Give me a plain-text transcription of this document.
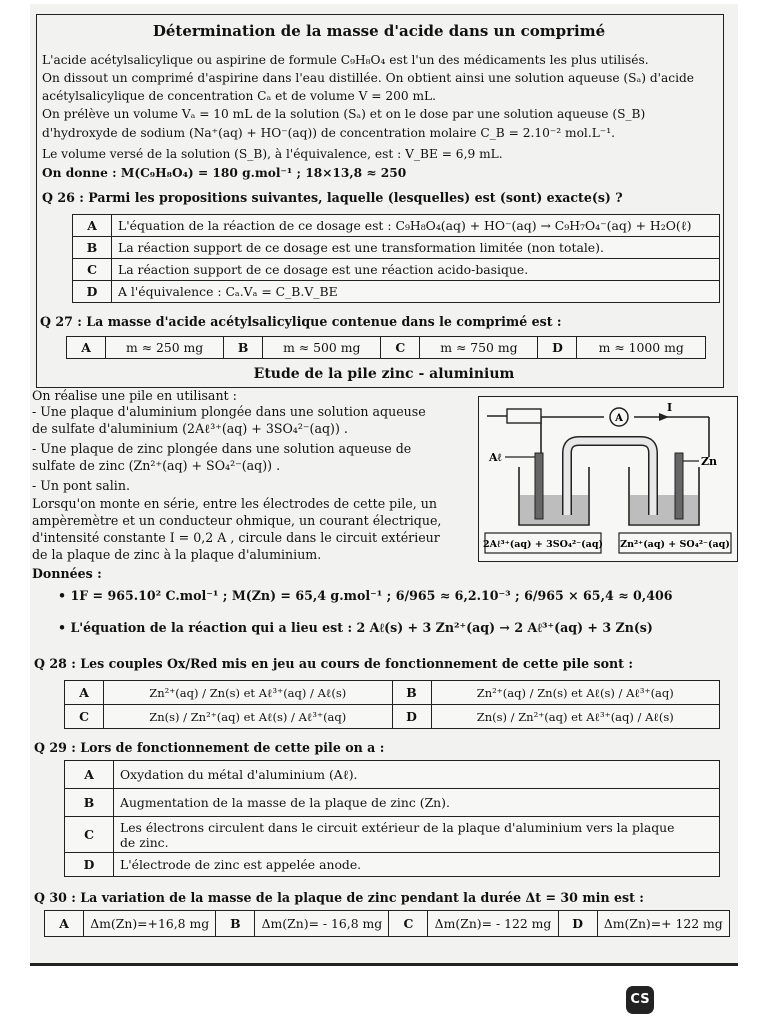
Détermination de la masse d'acide dans un comprimé
L'acide acétylsalicylique ou aspirine de formule C₉H₈O₄ est l'un des médicaments les plus utilisés.
On dissout un comprimé d'aspirine dans l'eau distillée. On obtient ainsi une solution aqueuse (Sₐ) d'acide
acétylsalicylique de concentration Cₐ et de volume V = 200 mL.
On prélève un volume Vₐ = 10 mL de la solution (Sₐ) et on le dose par une solution aqueuse (S_B)
d'hydroxyde de sodium (Na⁺(aq) + HO⁻(aq)) de concentration molaire C_B = 2.10⁻² mol.L⁻¹.
Le volume versé de la solution (S_B), à l'équivalence, est : V_BE = 6,9 mL.
On donne : M(C₉H₈O₄) = 180 g.mol⁻¹ ; 18×13,8 ≈ 250
Q 26 : Parmi les propositions suivantes, laquelle (lesquelles) est (sont) exacte(s) ?
A	L'équation de la réaction de ce dosage est : C₉H₈O₄(aq) + HO⁻(aq) → C₉H₇O₄⁻(aq) + H₂O(ℓ)
B	La réaction support de ce dosage est une transformation limitée (non totale).
C	La réaction support de ce dosage est une réaction acido-basique.
D	A l'équivalence : Cₐ.Vₐ = C_B.V_BE
Q 27 : La masse d'acide acétylsalicylique contenue dans le comprimé est :
A	m ≈ 250 mg	B	m ≈ 500 mg	C	m ≈ 750 mg	D	m ≈ 1000 mg
Etude de la pile zinc - aluminium
On réalise une pile en utilisant :
- Une plaque d'aluminium plongée dans une solution aqueuse
de sulfate d'aluminium (2Aℓ³⁺(aq) + 3SO₄²⁻(aq)) .
- Une plaque de zinc plongée dans une solution aqueuse de
sulfate de zinc (Zn²⁺(aq) + SO₄²⁻(aq)) .
- Un pont salin.
Lorsqu'on monte en série, entre les électrodes de cette pile, un
ampèremètre et un conducteur ohmique, un courant électrique,
d'intensité constante I = 0,2 A , circule dans le circuit extérieur
de la plaque de zinc à la plaque d'aluminium.
A
I
Aℓ	Zn
2Aℓ³⁺(aq) + 3SO₄²⁻(aq) Zn²⁺(aq) + SO₄²⁻(aq)
Données :
• 1F = 965.10² C.mol⁻¹ ; M(Zn) = 65,4 g.mol⁻¹ ; 6/965 ≈ 6,2.10⁻³ ; 6/965 × 65,4 ≈ 0,406
• L'équation de la réaction qui a lieu est : 2 Aℓ(s) + 3 Zn²⁺(aq) → 2 Aℓ³⁺(aq) + 3 Zn(s)
Q 28 : Les couples Ox/Red mis en jeu au cours de fonctionnement de cette pile sont :
A	Zn²⁺(aq) / Zn(s) et Aℓ³⁺(aq) / Aℓ(s)	B	Zn²⁺(aq) / Zn(s) et Aℓ(s) / Aℓ³⁺(aq)
C	Zn(s) / Zn²⁺(aq) et Aℓ(s) / Aℓ³⁺(aq)	D	Zn(s) / Zn²⁺(aq) et Aℓ³⁺(aq) / Aℓ(s)
Q 29 : Lors de fonctionnement de cette pile on a :
A	Oxydation du métal d'aluminium (Aℓ).
B	Augmentation de la masse de la plaque de zinc (Zn).
C	Les électrons circulent dans le circuit extérieur de la plaque d'aluminium vers la plaque
de zinc.

D	L'électrode de zinc est appelée anode.
Q 30 : La variation de la masse de la plaque de zinc pendant la durée Δt = 30 min est :
A	Δm(Zn)=+16,8 mg	B	Δm(Zn)= - 16,8 mg	C	Δm(Zn)= - 122 mg	D	Δm(Zn)=+ 122 mg
CS
